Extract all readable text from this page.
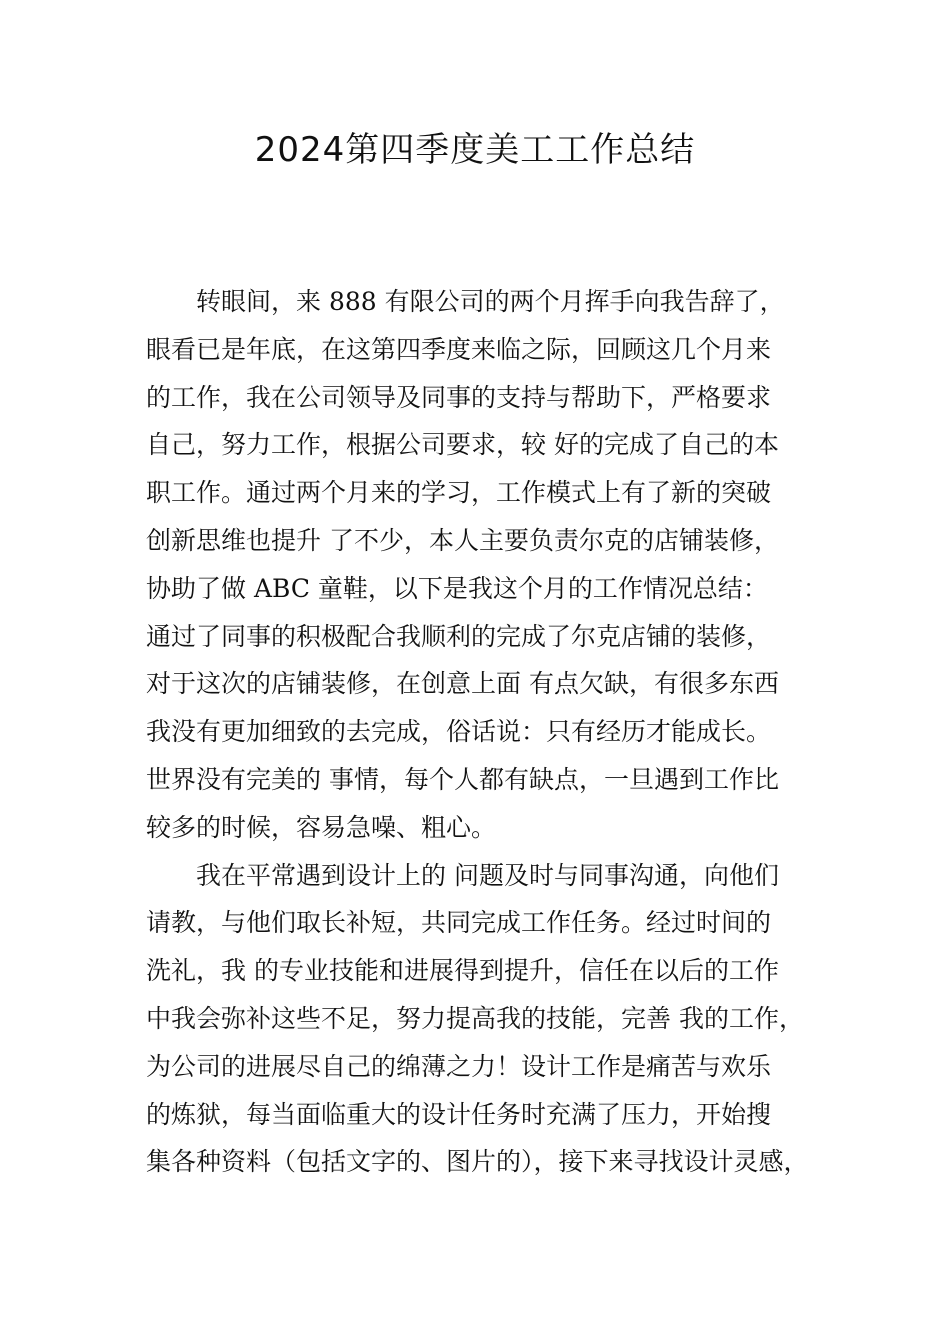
2024第四季度美工工作总结
转眼间，来 888 有限公司的两个月挥手向我告辞了，
眼看已是年底，在这第四季度来临之际，回顾这几个月来
的工作，我在公司领导及同事的支持与帮助下，严格要求
自己，努力工作，根据公司要求，较 好的完成了自己的本
职工作。通过两个月来的学习，工作模式上有了新的突破
创新思维也提升 了不少，本人主要负责尔克的店铺装修，
协助了做 ABC 童鞋，以下是我这个月的工作情况总结：
通过了同事的积极配合我顺利的完成了尔克店铺的装修，
对于这次的店铺装修，在创意上面 有点欠缺，有很多东西
我没有更加细致的去完成，俗话说：只有经历才能成长。
世界没有完美的 事情，每个人都有缺点，一旦遇到工作比
较多的时候，容易急噪、粗心。
我在平常遇到设计上的 问题及时与同事沟通，向他们
请教，与他们取长补短，共同完成工作任务。经过时间的
洗礼，我 的专业技能和进展得到提升，信任在以后的工作
中我会弥补这些不足，努力提高我的技能，完善 我的工作，
为公司的进展尽自己的绵薄之力！设计工作是痛苦与欢乐
的炼狱，每当面临重大的设计任务时充满了压力，开始搜
集各种资料（包括文字的、图片的），接下来寻找设计灵感，
